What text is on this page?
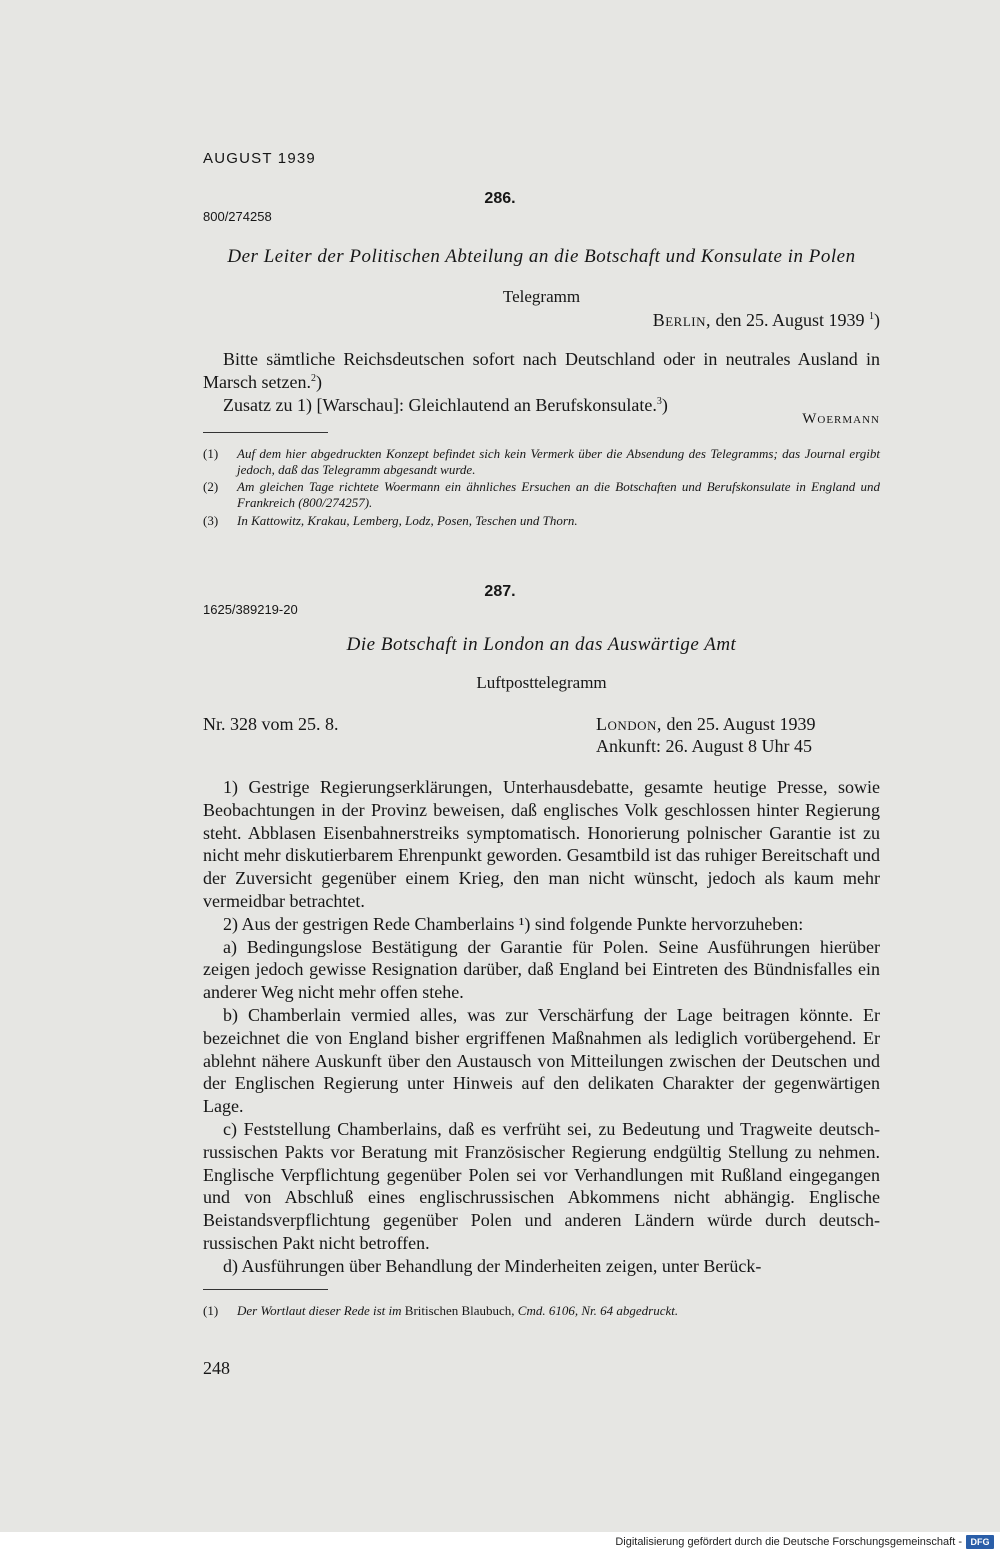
AUGUST 1939
286.
800/274258
Der Leiter der Politischen Abteilung an die Botschaft und Konsulate in Polen
Telegramm
Berlin, den 25. August 1939 $^1$)

Bitte sämtliche Reichsdeutschen sofort nach Deutschland oder in neutrales Ausland in Marsch setzen.$^2$)

Zusatz zu 1) [Warschau]: Gleichlautend an Berufskonsulate.$^3$)

Woermann
(1)	Auf dem hier abgedruckten Konzept befindet sich kein Vermerk über die Absendung des Telegramms; das Journal ergibt jedoch, daß das Telegramm abgesandt wurde.
(2)	Am gleichen Tage richtete Woermann ein ähnliches Ersuchen an die Botschaften und Berufskonsulate in England und Frankreich (800/274257).
(3)	In Kattowitz, Krakau, Lemberg, Lodz, Posen, Teschen und Thorn.
287.
1625/389219-20
Die Botschaft in London an das Auswärtige Amt
Luftposttelegramm
Nr. 328 vom 25. 8.	London, den 25. August 1939
Ankunft: 26. August 8 Uhr 45

1) Gestrige Regierungserklärungen, Unterhausdebatte, gesamte heutige Presse, sowie Beobachtungen in der Provinz beweisen, daß englisches Volk geschlossen hinter Regierung steht. Abblasen Eisenbahnerstreiks symptomatisch. Honorierung polnischer Garantie ist zu nicht mehr diskutierbarem Ehrenpunkt geworden. Gesamtbild ist das ruhiger Bereitschaft und der Zuversicht gegenüber einem Krieg, den man nicht wünscht, jedoch als kaum mehr vermeidbar betrachtet.

2) Aus der gestrigen Rede Chamberlains ¹) sind folgende Punkte hervorzuheben:

a) Bedingungslose Bestätigung der Garantie für Polen. Seine Ausführungen hierüber zeigen jedoch gewisse Resignation darüber, daß England bei Eintreten des Bündnisfalles ein anderer Weg nicht mehr offen stehe.

b) Chamberlain vermied alles, was zur Verschärfung der Lage beitragen könnte. Er bezeichnet die von England bisher ergriffenen Maßnahmen als lediglich vorübergehend. Er ablehnt nähere Auskunft über den Austausch von Mitteilungen zwischen der Deutschen und der Englischen Regierung unter Hinweis auf den delikaten Charakter der gegenwärtigen Lage.

c) Feststellung Chamberlains, daß es verfrüht sei, zu Bedeutung und Tragweite deutsch-russischen Pakts vor Beratung mit Französischer Regierung endgültig Stellung zu nehmen. Englische Verpflichtung gegenüber Polen sei vor Verhandlungen mit Rußland eingegangen und von Abschluß eines englischrussischen Abkommens nicht abhängig. Englische Beistandsverpflichtung gegenüber Polen und anderen Ländern würde durch deutsch-russischen Pakt nicht betroffen.

d) Ausführungen über Behandlung der Minderheiten zeigen, unter Berück-

(1)	Der Wortlaut dieser Rede ist im Britischen Blaubuch, Cmd. 6106, Nr. 64 abgedruckt.
248
Digitalisierung gefördert durch die Deutsche Forschungsgemeinschaft - DFG
